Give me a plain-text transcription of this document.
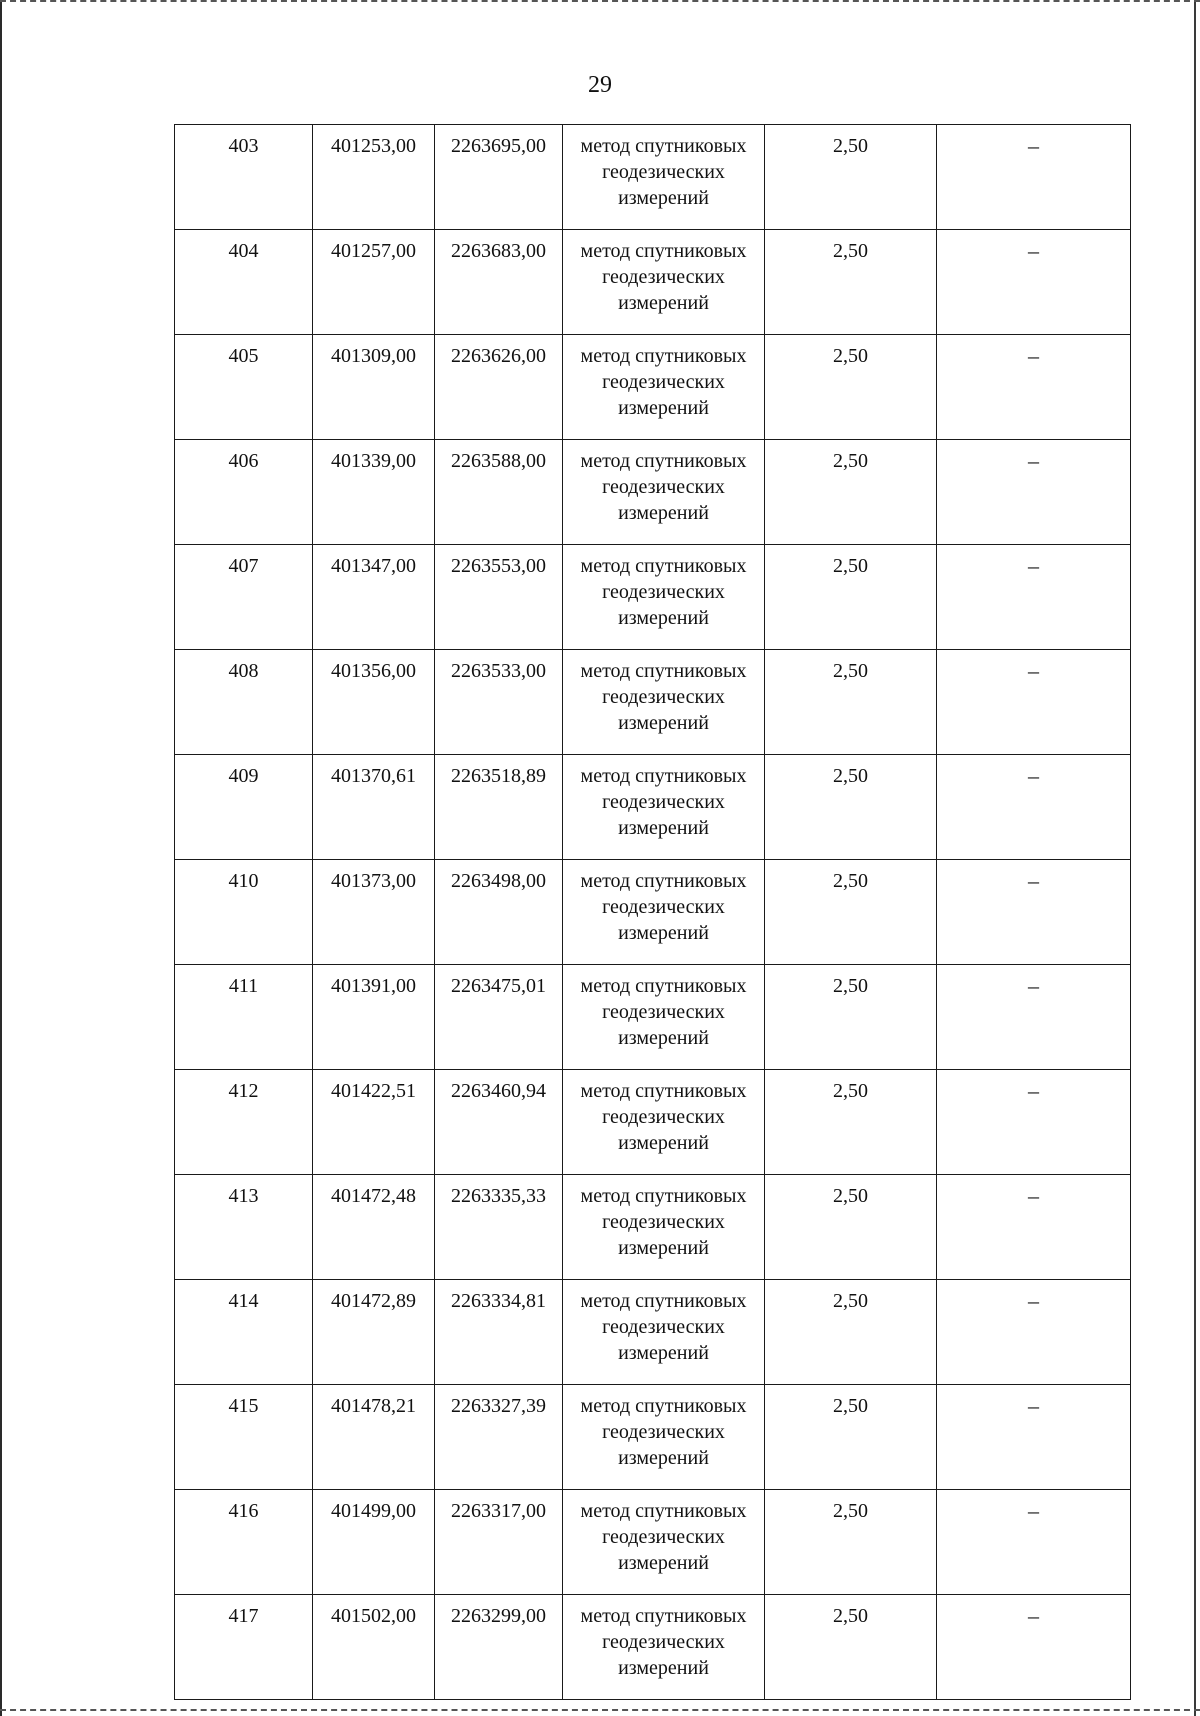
29
403	401253,00	2263695,00	метод спутниковых геодезических измерений	2,50	–
404	401257,00	2263683,00	метод спутниковых геодезических измерений	2,50	–
405	401309,00	2263626,00	метод спутниковых геодезических измерений	2,50	–
406	401339,00	2263588,00	метод спутниковых геодезических измерений	2,50	–
407	401347,00	2263553,00	метод спутниковых геодезических измерений	2,50	–
408	401356,00	2263533,00	метод спутниковых геодезических измерений	2,50	–
409	401370,61	2263518,89	метод спутниковых геодезических измерений	2,50	–
410	401373,00	2263498,00	метод спутниковых геодезических измерений	2,50	–
411	401391,00	2263475,01	метод спутниковых геодезических измерений	2,50	–
412	401422,51	2263460,94	метод спутниковых геодезических измерений	2,50	–
413	401472,48	2263335,33	метод спутниковых геодезических измерений	2,50	–
414	401472,89	2263334,81	метод спутниковых геодезических измерений	2,50	–
415	401478,21	2263327,39	метод спутниковых геодезических измерений	2,50	–
416	401499,00	2263317,00	метод спутниковых геодезических измерений	2,50	–
417	401502,00	2263299,00	метод спутниковых геодезических измерений	2,50	–
